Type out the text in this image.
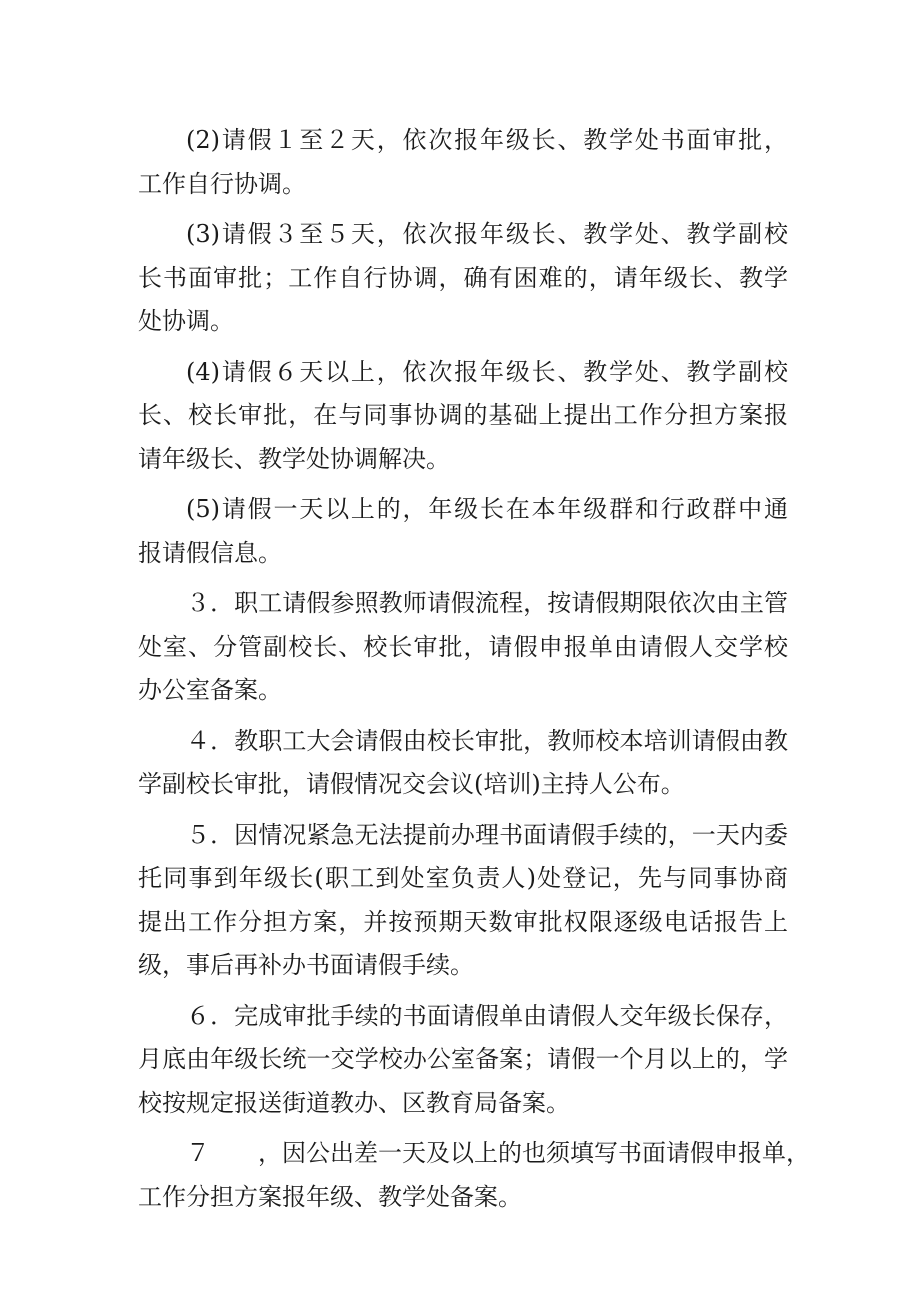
(2)请假１至２天，依次报年级长、教学处书面审批，
工作自行协调。

(3)请假３至５天，依次报年级长、教学处、教学副校
长书面审批；工作自行协调，确有困难的，请年级长、教学
处协调。

(4)请假６天以上，依次报年级长、教学处、教学副校
长、校长审批，在与同事协调的基础上提出工作分担方案报
请年级长、教学处协调解决。

(5)请假一天以上的，年级长在本年级群和行政群中通
报请假信息。

３．职工请假参照教师请假流程，按请假期限依次由主管
处室、分管副校长、校长审批，请假申报单由请假人交学校
办公室备案。

４．教职工大会请假由校长审批，教师校本培训请假由教
学副校长审批，请假情况交会议(培训)主持人公布。

５．因情况紧急无法提前办理书面请假手续的，一天内委
托同事到年级长(职工到处室负责人)处登记，先与同事协商
提出工作分担方案，并按预期天数审批权限逐级电话报告上
级，事后再补办书面请假手续。

６．完成审批手续的书面请假单由请假人交年级长保存，
月底由年级长统一交学校办公室备案；请假一个月以上的，学
校按规定报送街道教办、区教育局备案。

７　　，因公出差一天及以上的也须填写书面请假申报单，
工作分担方案报年级、教学处备案。
